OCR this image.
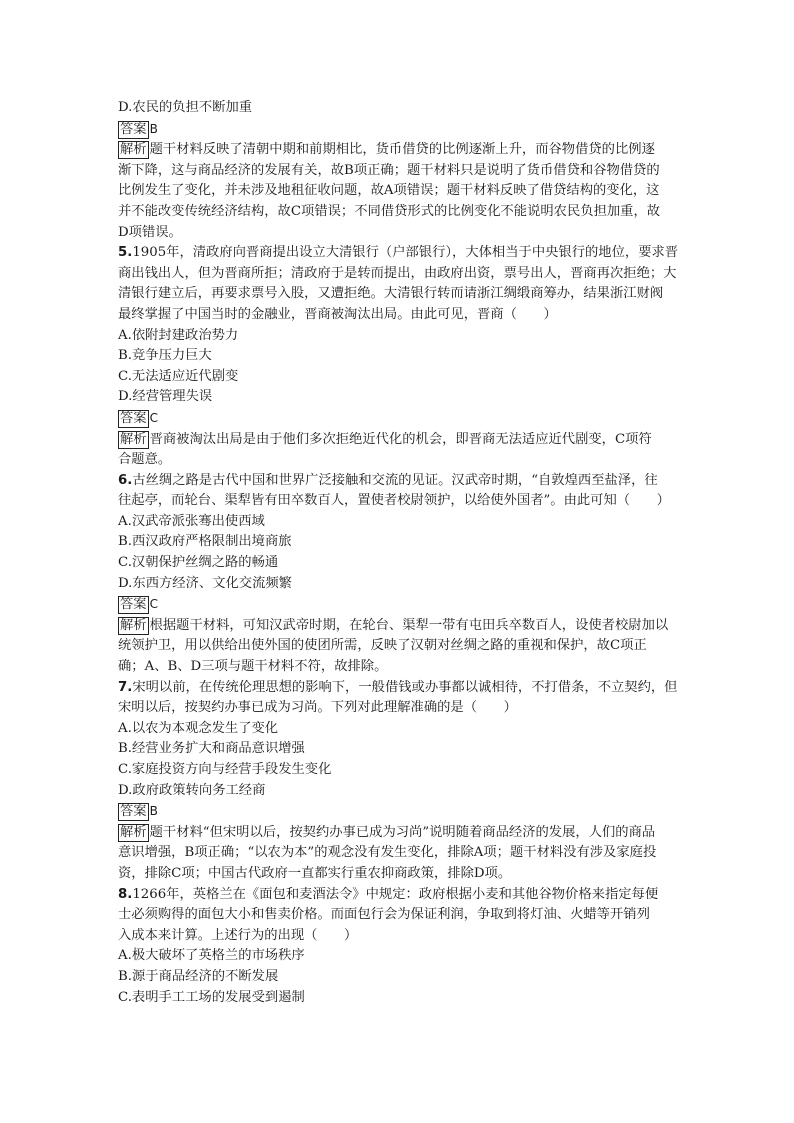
D.农民的负担不断加重
答案 B
解析 题干材料反映了清朝中期和前期相比，货币借贷的比例逐渐上升，而谷物借贷的比例逐
渐下降，这与商品经济的发展有关，故B项正确；题干材料只是说明了货币借贷和谷物借贷的
比例发生了变化，并未涉及地租征收问题，故A项错误；题干材料反映了借贷结构的变化，这
并不能改变传统经济结构，故C项错误；不同借贷形式的比例变化不能说明农民负担加重，故
D项错误。
5.1905年，清政府向晋商提出设立大清银行（户部银行），大体相当于中央银行的地位，要求晋
商出钱出人，但为晋商所拒；清政府于是转而提出，由政府出资，票号出人，晋商再次拒绝；大
清银行建立后，再要求票号入股，又遭拒绝。大清银行转而请浙江绸缎商筹办，结果浙江财阀
最终掌握了中国当时的金融业，晋商被淘汰出局。由此可见，晋商（　　）
A.依附封建政治势力
B.竞争压力巨大
C.无法适应近代剧变
D.经营管理失误
答案 C
解析 晋商被淘汰出局是由于他们多次拒绝近代化的机会，即晋商无法适应近代剧变，C项符
合题意。
6.古丝绸之路是古代中国和世界广泛接触和交流的见证。汉武帝时期，“自敦煌西至盐泽，往
往起亭，而轮台、渠犁皆有田卒数百人，置使者校尉领护，以给使外国者”。由此可知（　　）
A.汉武帝派张骞出使西域
B.西汉政府严格限制出境商旅
C.汉朝保护丝绸之路的畅通
D.东西方经济、文化交流频繁
答案 C
解析 根据题干材料，可知汉武帝时期，在轮台、渠犁一带有屯田兵卒数百人，设使者校尉加以
统领护卫，用以供给出使外国的使团所需，反映了汉朝对丝绸之路的重视和保护，故C项正
确；A、B、D三项与题干材料不符，故排除。
7.宋明以前，在传统伦理思想的影响下，一般借钱或办事都以诚相待，不打借条，不立契约，但
宋明以后，按契约办事已成为习尚。下列对此理解准确的是（　　）
A.以农为本观念发生了变化
B.经营业务扩大和商品意识增强
C.家庭投资方向与经营手段发生变化
D.政府政策转向务工经商
答案 B
解析 题干材料“但宋明以后，按契约办事已成为习尚”说明随着商品经济的发展，人们的商品
意识增强，B项正确；“以农为本”的观念没有发生变化，排除A项；题干材料没有涉及家庭投
资，排除C项；中国古代政府一直都实行重农抑商政策，排除D项。
8.1266年，英格兰在《面包和麦酒法令》中规定：政府根据小麦和其他谷物价格来指定每便
士必须购得的面包大小和售卖价格。而面包行会为保证利润，争取到将灯油、火蜡等开销列
入成本来计算。上述行为的出现（　　）
A.极大破坏了英格兰的市场秩序
B.源于商品经济的不断发展
C.表明手工工场的发展受到遏制
